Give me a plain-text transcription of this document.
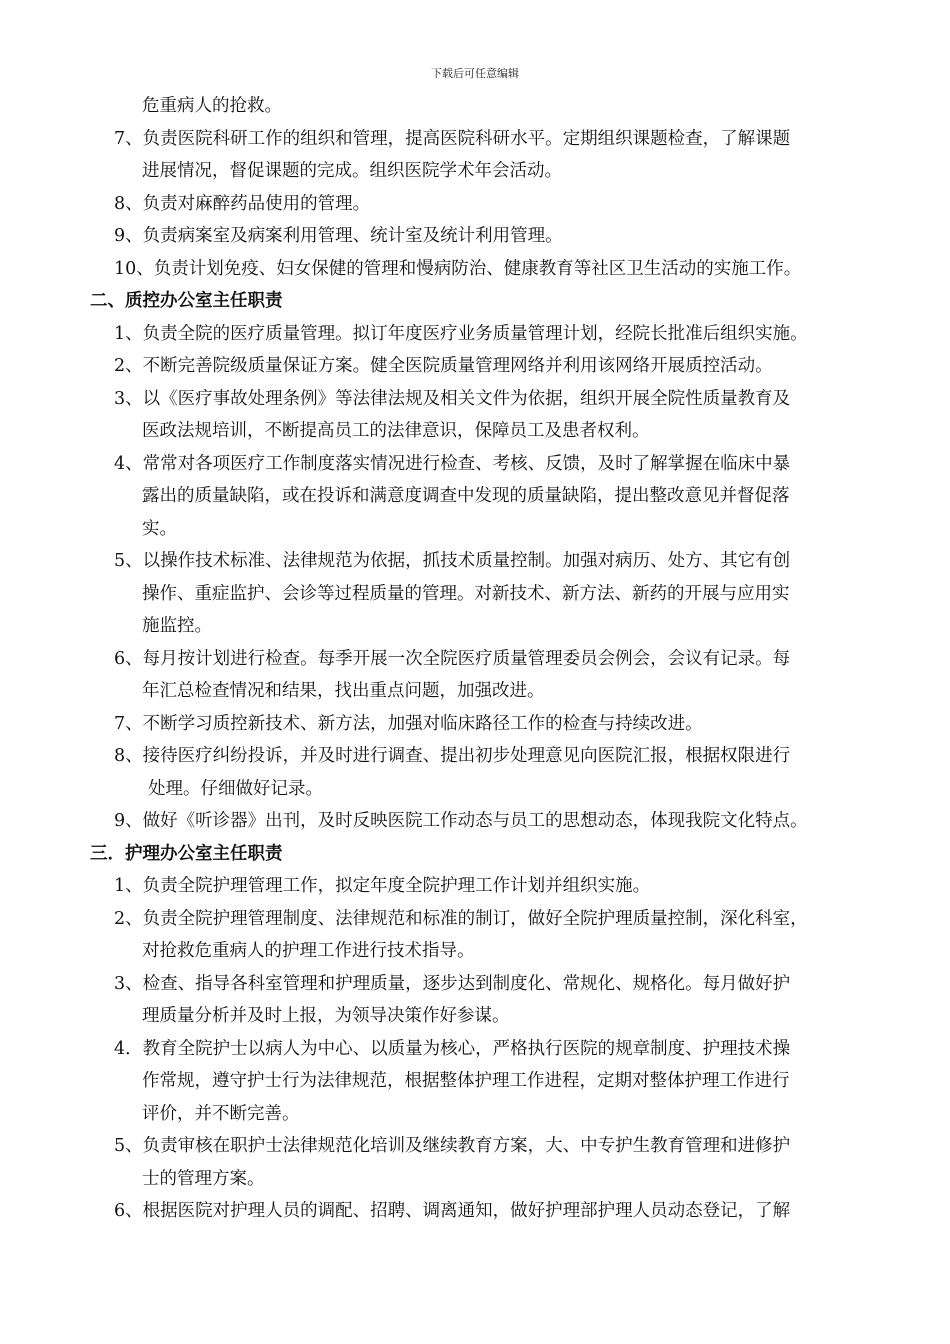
下载后可任意编辑
危重病人的抢救。
7、负责医院科研工作的组织和管理，提高医院科研水平。定期组织课题检查，了解课题
进展情况，督促课题的完成。组织医院学术年会活动。
8、负责对麻醉药品使用的管理。
9、负责病案室及病案利用管理、统计室及统计利用管理。
10、负责计划免疫、妇女保健的管理和慢病防治、健康教育等社区卫生活动的实施工作。
二、质控办公室主任职责
1、负责全院的医疗质量管理。拟订年度医疗业务质量管理计划，经院长批准后组织实施。
2、不断完善院级质量保证方案。健全医院质量管理网络并利用该网络开展质控活动。
3、以《医疗事故处理条例》等法律法规及相关文件为依据，组织开展全院性质量教育及
医政法规培训，不断提高员工的法律意识，保障员工及患者权利。
4、常常对各项医疗工作制度落实情况进行检查、考核、反馈，及时了解掌握在临床中暴
露出的质量缺陷，或在投诉和满意度调查中发现的质量缺陷，提出整改意见并督促落
实。
5、以操作技术标准、法律规范为依据，抓技术质量控制。加强对病历、处方、其它有创
操作、重症监护、会诊等过程质量的管理。对新技术、新方法、新药的开展与应用实
施监控。
6、每月按计划进行检查。每季开展一次全院医疗质量管理委员会例会，会议有记录。每
年汇总检查情况和结果，找出重点问题，加强改进。
7、不断学习质控新技术、新方法，加强对临床路径工作的检查与持续改进。
8、接待医疗纠纷投诉，并及时进行调查、提出初步处理意见向医院汇报，根据权限进行
处理。仔细做好记录。
9、做好《听诊器》出刊，及时反映医院工作动态与员工的思想动态，体现我院文化特点。
三．护理办公室主任职责
1、负责全院护理管理工作，拟定年度全院护理工作计划并组织实施。
2、负责全院护理管理制度、法律规范和标准的制订，做好全院护理质量控制，深化科室，
对抢救危重病人的护理工作进行技术指导。
3、检查、指导各科室管理和护理质量，逐步达到制度化、常规化、规格化。每月做好护
理质量分析并及时上报，为领导决策作好参谋。
4．教育全院护士以病人为中心、以质量为核心，严格执行医院的规章制度、护理技术操
作常规，遵守护士行为法律规范，根据整体护理工作进程，定期对整体护理工作进行
评价，并不断完善。
5、负责审核在职护士法律规范化培训及继续教育方案，大、中专护生教育管理和进修护
士的管理方案。
6、根据医院对护理人员的调配、招聘、调离通知，做好护理部护理人员动态登记，了解
